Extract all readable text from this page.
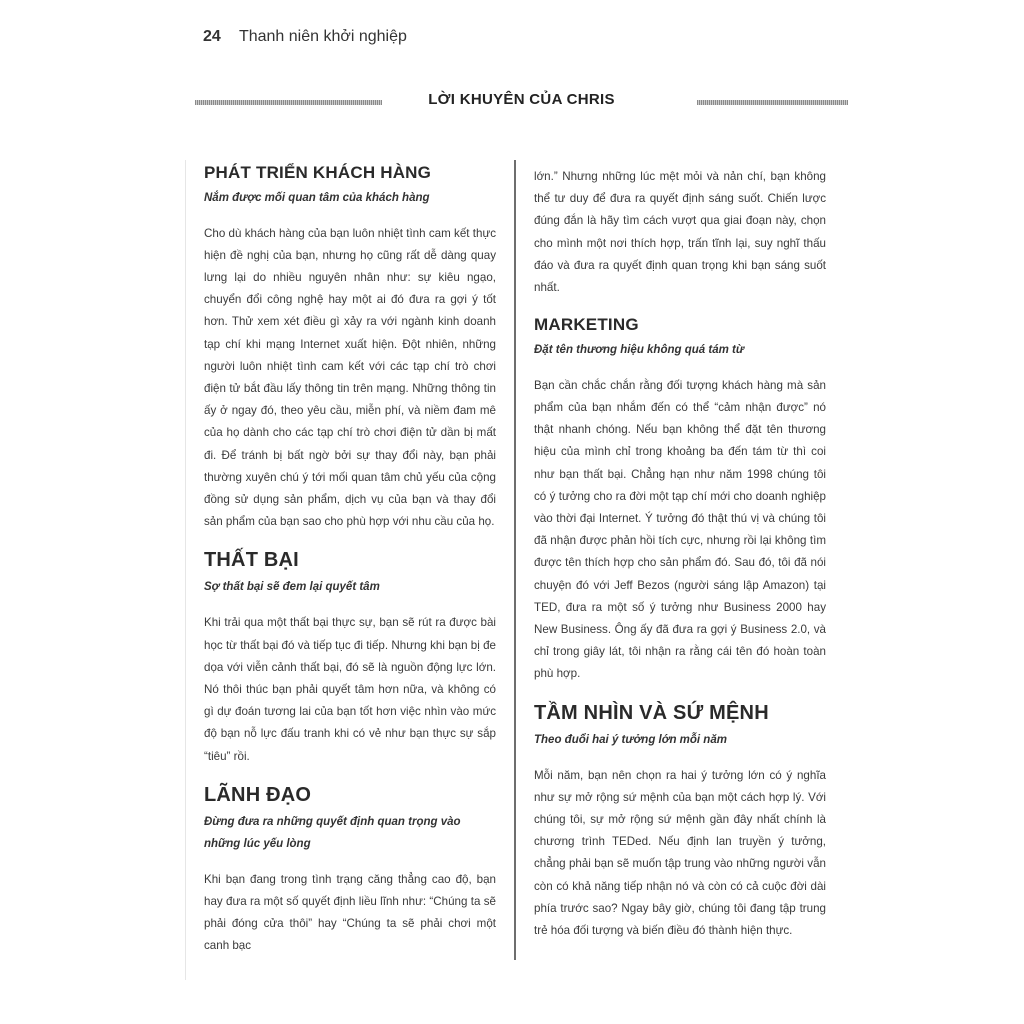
24 Thanh niên khởi nghiệp
LỜI KHUYÊN CỦA CHRIS
PHÁT TRIỂN KHÁCH HÀNG
Nắm được mối quan tâm của khách hàng

Cho dù khách hàng của bạn luôn nhiệt tình cam kết thực hiện đề nghị của bạn, nhưng họ cũng rất dễ dàng quay lưng lại do nhiều nguyên nhân như: sự kiêu ngạo, chuyển đổi công nghệ hay một ai đó đưa ra gợi ý tốt hơn. Thử xem xét điều gì xảy ra với ngành kinh doanh tạp chí khi mạng Internet xuất hiện. Đột nhiên, những người luôn nhiệt tình cam kết với các tạp chí trò chơi điện tử bắt đầu lấy thông tin trên mạng. Những thông tin ấy ở ngay đó, theo yêu cầu, miễn phí, và niềm đam mê của họ dành cho các tạp chí trò chơi điện tử dần bị mất đi. Để tránh bị bất ngờ bởi sự thay đổi này, bạn phải thường xuyên chú ý tới mối quan tâm chủ yếu của cộng đồng sử dụng sản phẩm, dịch vụ của bạn và thay đổi sản phẩm của bạn sao cho phù hợp với nhu cầu của họ.

THẤT BẠI
Sợ thất bại sẽ đem lại quyết tâm

Khi trải qua một thất bại thực sự, bạn sẽ rút ra được bài học từ thất bại đó và tiếp tục đi tiếp. Nhưng khi bạn bị đe dọa với viễn cảnh thất bại, đó sẽ là nguồn động lực lớn. Nó thôi thúc bạn phải quyết tâm hơn nữa, và không có gì dự đoán tương lai của bạn tốt hơn việc nhìn vào mức độ bạn nỗ lực đấu tranh khi có vẻ như bạn thực sự sắp “tiêu” rồi.

LÃNH ĐẠO
Đừng đưa ra những quyết định quan trọng vào những lúc yếu lòng

Khi bạn đang trong tình trạng căng thẳng cao độ, bạn hay đưa ra một số quyết định liều lĩnh như: “Chúng ta sẽ phải đóng cửa thôi” hay “Chúng ta sẽ phải chơi một canh bạc

lớn.” Nhưng những lúc mệt mỏi và nản chí, bạn không thể tư duy để đưa ra quyết định sáng suốt. Chiến lược đúng đắn là hãy tìm cách vượt qua giai đoạn này, chọn cho mình một nơi thích hợp, trấn tĩnh lại, suy nghĩ thấu đáo và đưa ra quyết định quan trọng khi bạn sáng suốt nhất.

MARKETING
Đặt tên thương hiệu không quá tám từ

Bạn cần chắc chắn rằng đối tượng khách hàng mà sản phẩm của bạn nhắm đến có thể “cảm nhận được” nó thật nhanh chóng. Nếu bạn không thể đặt tên thương hiệu của mình chỉ trong khoảng ba đến tám từ thì coi như bạn thất bại. Chẳng hạn như năm 1998 chúng tôi có ý tưởng cho ra đời một tạp chí mới cho doanh nghiệp vào thời đại Internet. Ý tưởng đó thật thú vị và chúng tôi đã nhận được phản hồi tích cực, nhưng rồi lại không tìm được tên thích hợp cho sản phẩm đó. Sau đó, tôi đã nói chuyện đó với Jeff Bezos (người sáng lập Amazon) tại TED, đưa ra một số ý tưởng như Business 2000 hay New Business. Ông ấy đã đưa ra gợi ý Business 2.0, và chỉ trong giây lát, tôi nhận ra rằng cái tên đó hoàn toàn phù hợp.

TẦM NHÌN VÀ SỨ MỆNH
Theo đuổi hai ý tưởng lớn mỗi năm

Mỗi năm, bạn nên chọn ra hai ý tưởng lớn có ý nghĩa như sự mở rộng sứ mệnh của bạn một cách hợp lý. Với chúng tôi, sự mở rộng sứ mệnh gần đây nhất chính là chương trình TEDed. Nếu định lan truyền ý tưởng, chẳng phải bạn sẽ muốn tập trung vào những người vẫn còn có khả năng tiếp nhận nó và còn có cả cuộc đời dài phía trước sao? Ngay bây giờ, chúng tôi đang tập trung trẻ hóa đối tượng và biến điều đó thành hiện thực.
